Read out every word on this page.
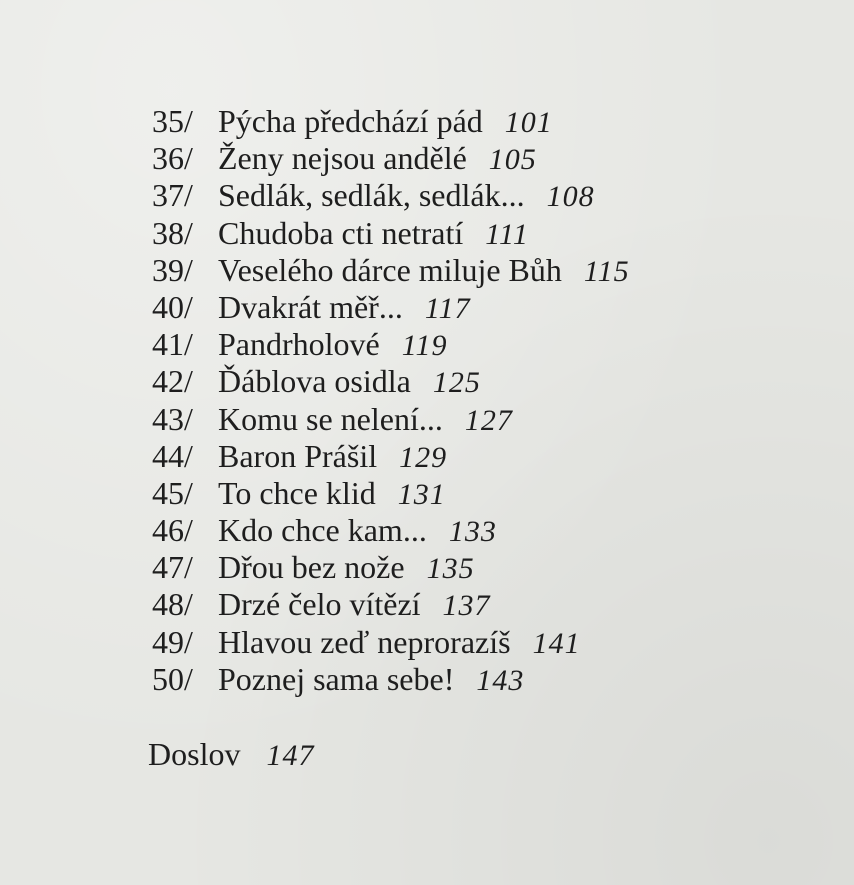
35/ Pýcha předchází pád 101
36/ Ženy nejsou andělé 105
37/ Sedlák, sedlák, sedlák... 108
38/ Chudoba cti netratí 111
39/ Veselého dárce miluje Bůh 115
40/ Dvakrát měř... 117
41/ Pandrholové 119
42/ Ďáblova osidla 125
43/ Komu se nelení... 127
44/ Baron Prášil 129
45/ To chce klid 131
46/ Kdo chce kam... 133
47/ Dřou bez nože 135
48/ Drzé čelo vítězí 137
49/ Hlavou zeď neprorazíš 141
50/ Poznej sama sebe! 143
Doslov 147
